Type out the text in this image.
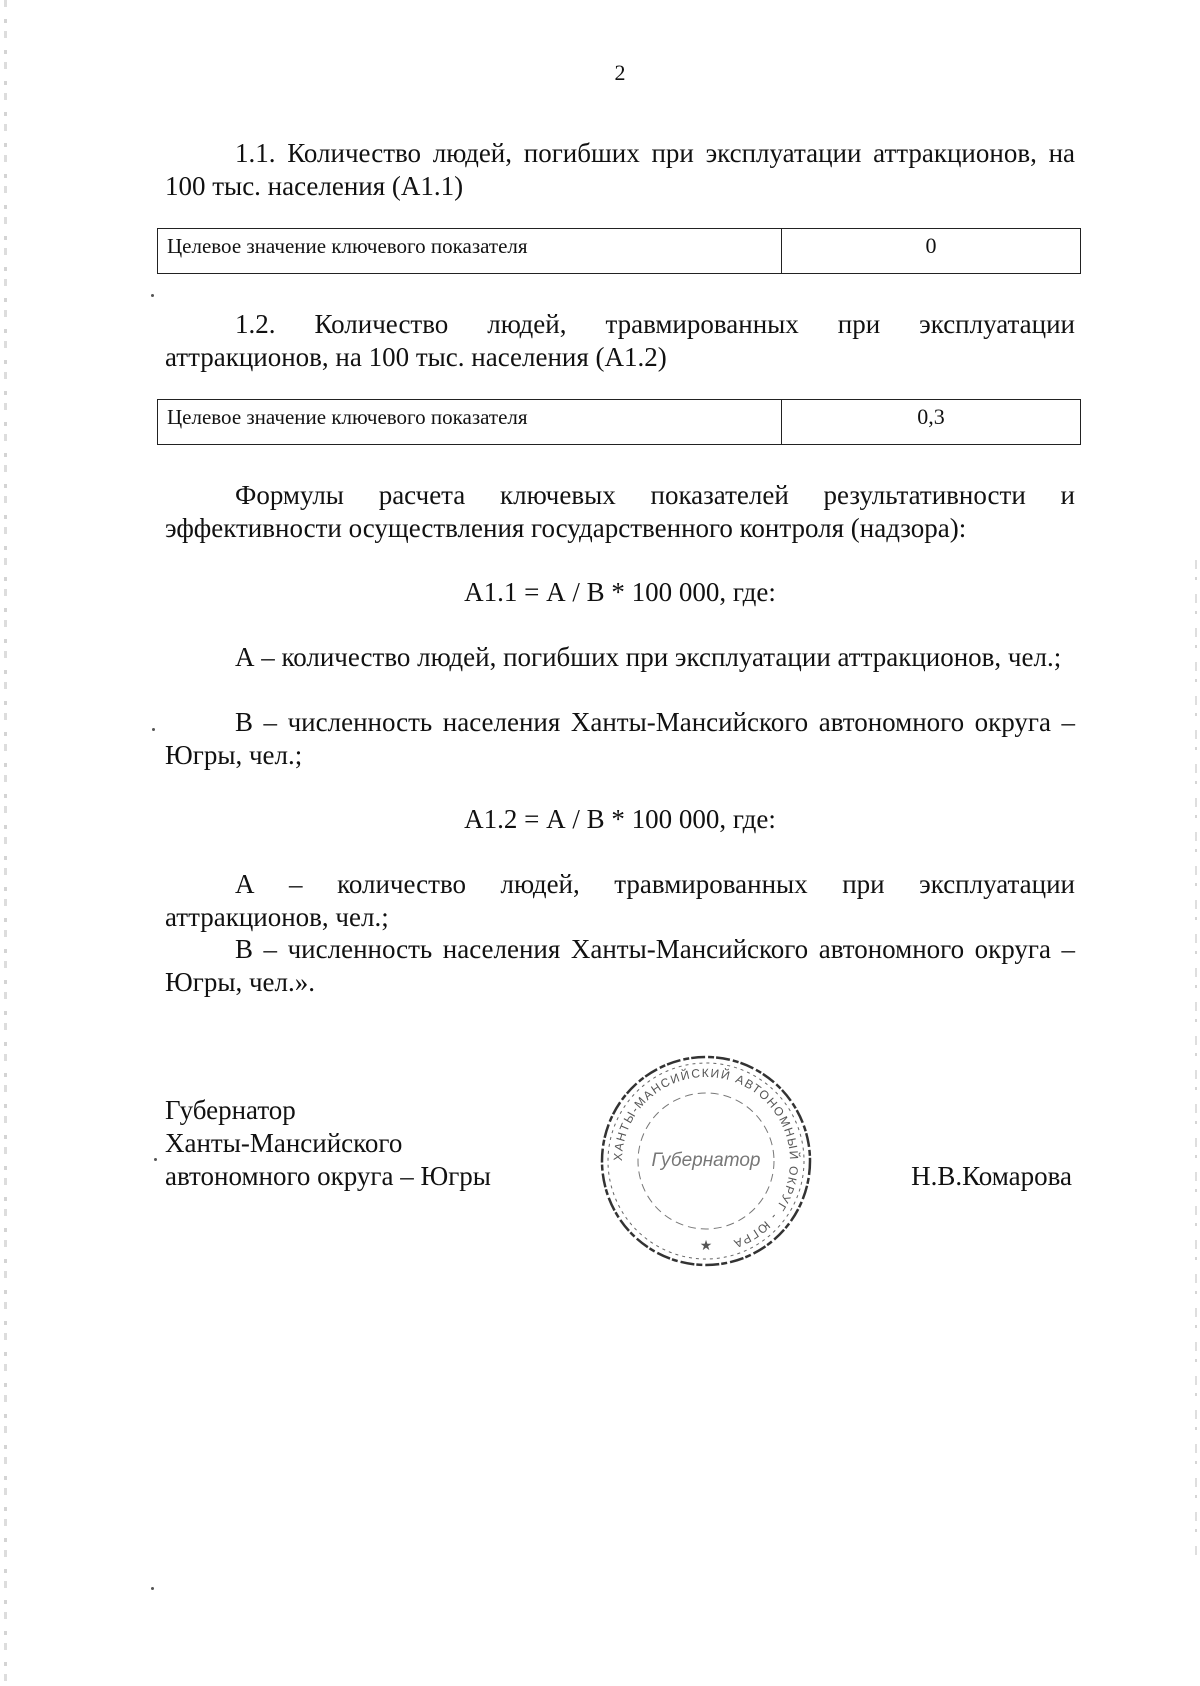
2

1.1. Количество людей, погибших при эксплуатации аттракционов, на 100 тыс. населения (А1.1)

Целевое значение ключевого показателя	0

1.2. Количество людей, травмированных при эксплуатации аттракционов, на 100 тыс. населения (А1.2)

Целевое значение ключевого показателя	0,3

Формулы расчета ключевых показателей результативности и эффективности осуществления государственного контроля (надзора):

А1.1 = А / В * 100 000, где:

А – количество людей, погибших при эксплуатации аттракционов, чел.;

В – численность населения Ханты-Мансийского автономного округа – Югры, чел.;

А1.2 = А / В * 100 000, где:

А – количество людей, травмированных при эксплуатации аттракционов, чел.;

В – численность населения Ханты-Мансийского автономного округа – Югры, чел.».

Губернатор
Ханты-Мансийского
автономного округа – Югры
ХАНТЫ-МАНСИЙСКИЙ АВТОНОМНЫЙ ОКРУГ - ЮГРА
Губернатор
★
Н.В.Комарова
